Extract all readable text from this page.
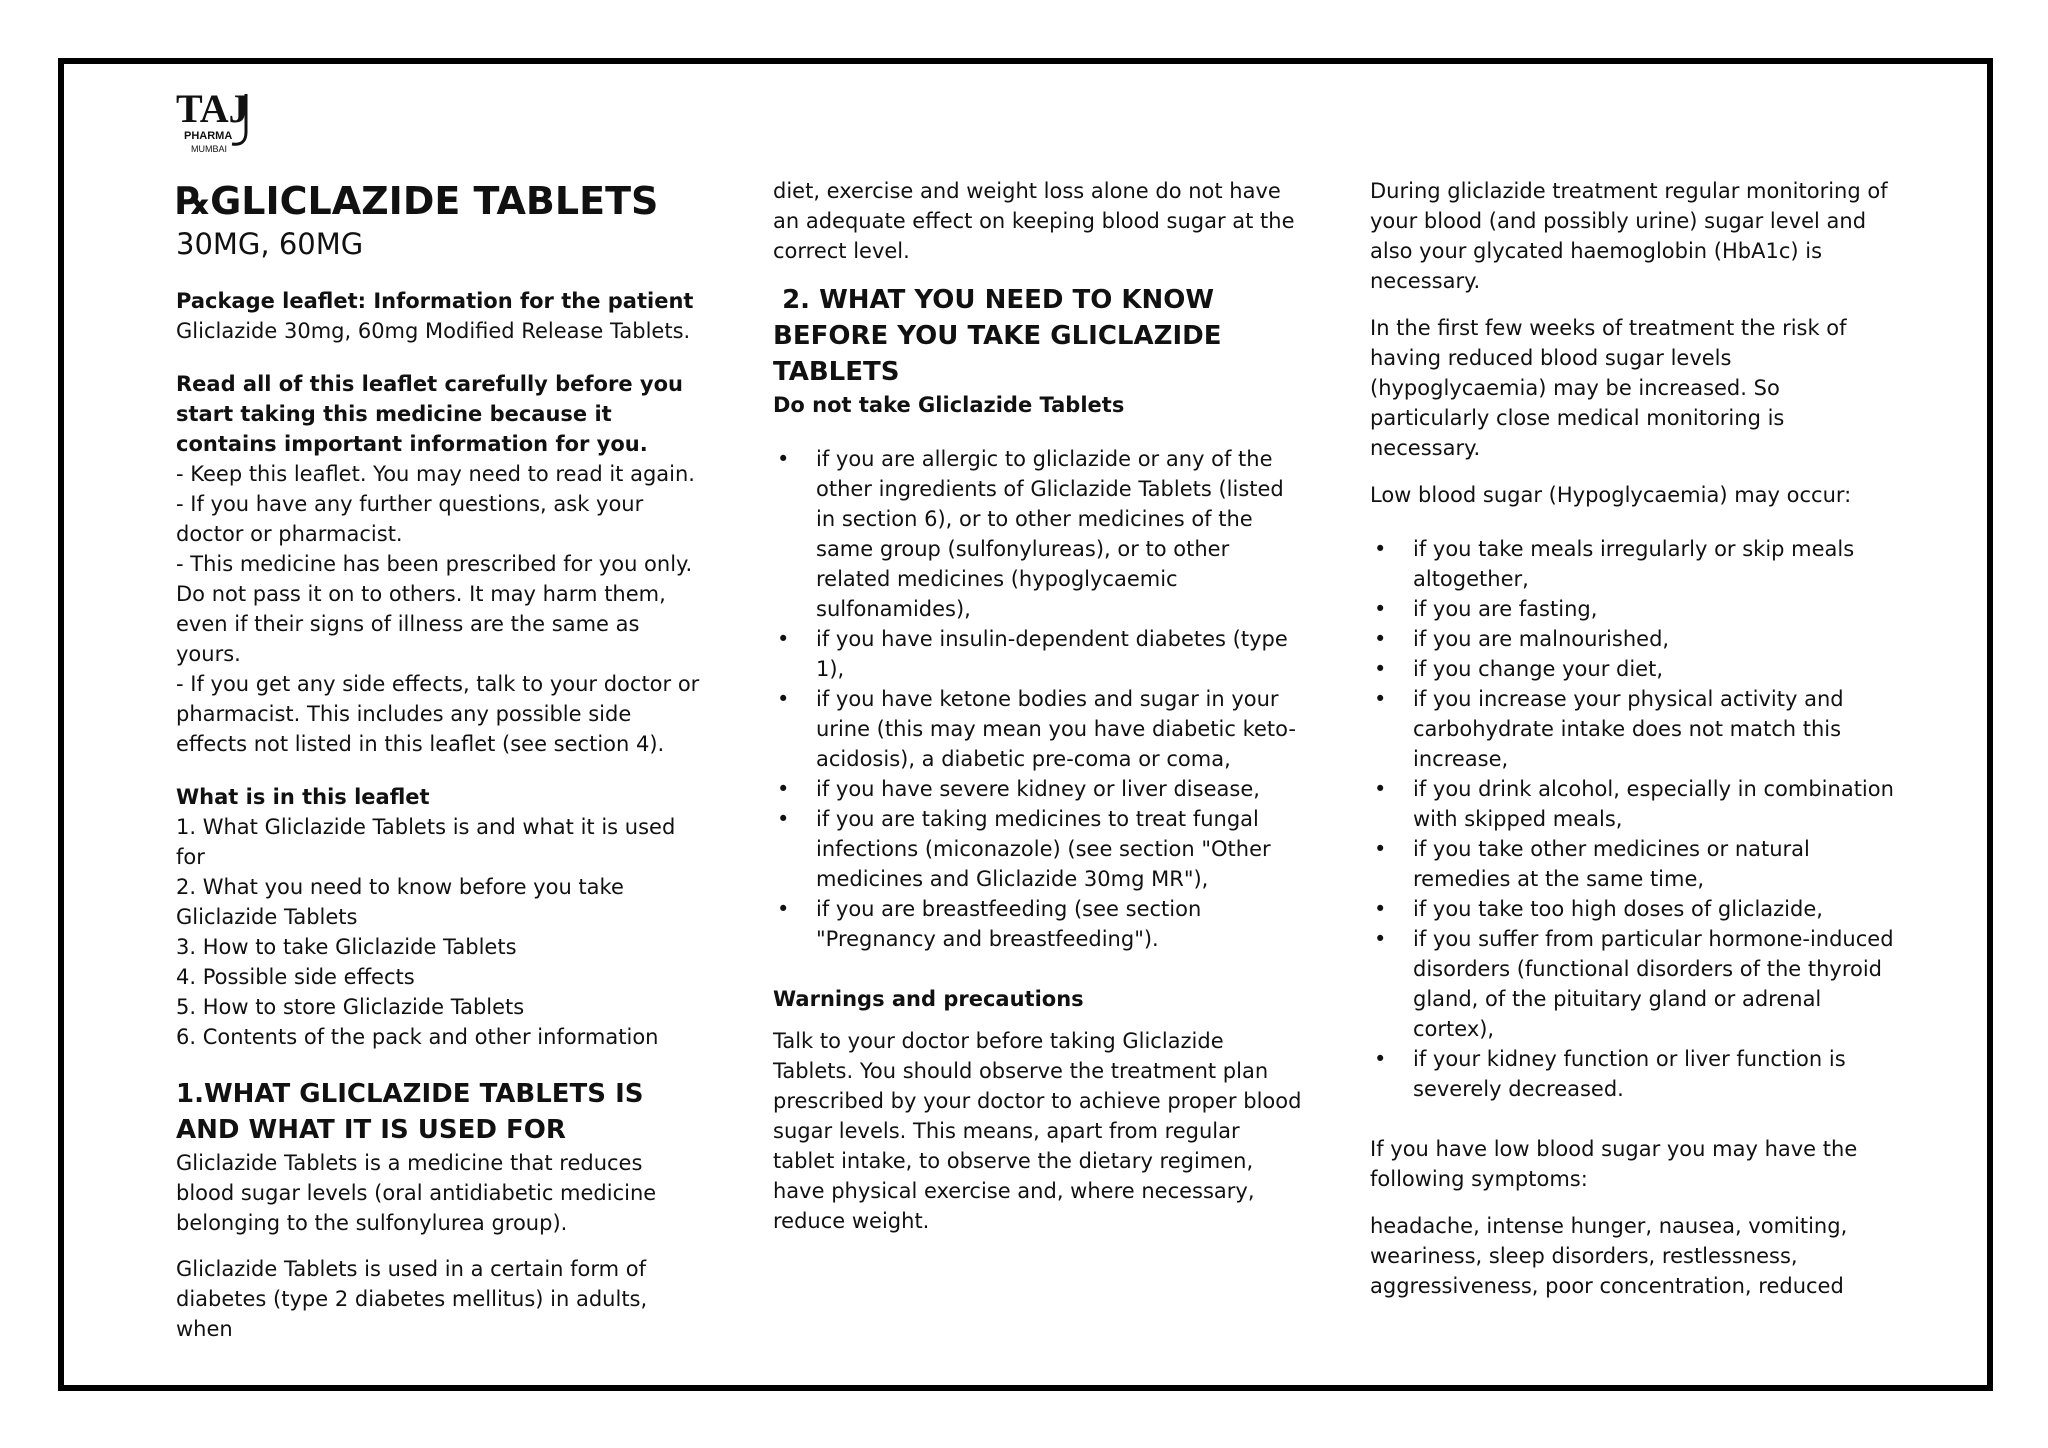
TAJ
PHARMA
MUMBAI
℞GLICLAZIDE TABLETS

30MG, 60MG

Package leaflet: Information for the patient

Gliclazide 30mg, 60mg Modified Release Tablets.

Read all of this leaflet carefully before you start taking this medicine because it contains important information for you.

- Keep this leaflet. You may need to read it again.

- If you have any further questions, ask your doctor or pharmacist.

- This medicine has been prescribed for you only. Do not pass it on to others. It may harm them, even if their signs of illness are the same as yours.

- If you get any side effects, talk to your doctor or pharmacist. This includes any possible side effects not listed in this leaflet (see section 4).

What is in this leaflet

1. What Gliclazide Tablets is and what it is used for
2. What you need to know before you take Gliclazide Tablets
3. How to take Gliclazide Tablets
4. Possible side effects
5. How to store Gliclazide Tablets
6. Contents of the pack and other information

1.WHAT GLICLAZIDE TABLETS IS AND WHAT IT IS USED FOR

Gliclazide Tablets is a medicine that reduces blood sugar levels (oral antidiabetic medicine belonging to the sulfonylurea group).

Gliclazide Tablets is used in a certain form of diabetes (type 2 diabetes mellitus) in adults, when

diet, exercise and weight loss alone do not have an adequate effect on keeping blood sugar at the correct level.

2. WHAT YOU NEED TO KNOW BEFORE YOU TAKE GLICLAZIDE TABLETS

Do not take Gliclazide Tablets

• if you are allergic to gliclazide or any of the other ingredients of Gliclazide Tablets (listed in section 6), or to other medicines of the same group (sulfonylureas), or to other related medicines (hypoglycaemic sulfonamides),
• if you have insulin-dependent diabetes (type 1),
• if you have ketone bodies and sugar in your urine (this may mean you have diabetic keto-acidosis), a diabetic pre-coma or coma,
• if you have severe kidney or liver disease,
• if you are taking medicines to treat fungal infections (miconazole) (see section "Other medicines and Gliclazide 30mg MR"),
• if you are breastfeeding (see section "Pregnancy and breastfeeding").

Warnings and precautions

Talk to your doctor before taking Gliclazide Tablets. You should observe the treatment plan prescribed by your doctor to achieve proper blood sugar levels. This means, apart from regular tablet intake, to observe the dietary regimen, have physical exercise and, where necessary, reduce weight.

During gliclazide treatment regular monitoring of your blood (and possibly urine) sugar level and also your glycated haemoglobin (HbA1c) is necessary.

In the first few weeks of treatment the risk of having reduced blood sugar levels (hypoglycaemia) may be increased. So particularly close medical monitoring is necessary.

Low blood sugar (Hypoglycaemia) may occur:

• if you take meals irregularly or skip meals altogether,
• if you are fasting,
• if you are malnourished,
• if you change your diet,
• if you increase your physical activity and carbohydrate intake does not match this increase,
• if you drink alcohol, especially in combination with skipped meals,
• if you take other medicines or natural remedies at the same time,
• if you take too high doses of gliclazide,
• if you suffer from particular hormone-induced disorders (functional disorders of the thyroid gland, of the pituitary gland or adrenal cortex),
• if your kidney function or liver function is severely decreased.

If you have low blood sugar you may have the following symptoms:

headache, intense hunger, nausea, vomiting, weariness, sleep disorders, restlessness, aggressiveness, poor concentration, reduced
